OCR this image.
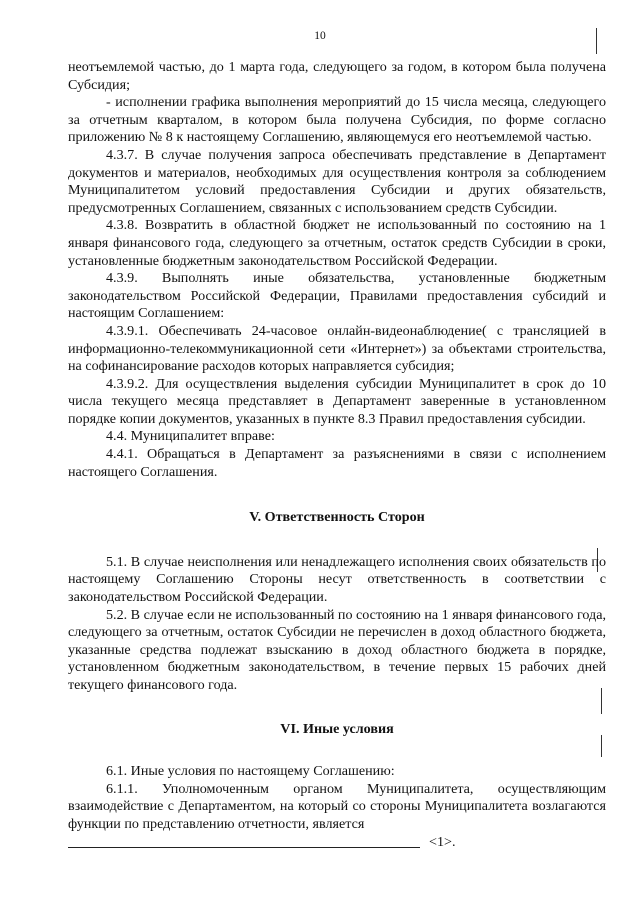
10

неотъемлемой частью, до 1 марта года, следующего за годом, в котором была получена Субсидия;

- исполнении графика выполнения мероприятий до 15 числа месяца, следующего за отчетным кварталом, в котором была получена Субсидия, по форме согласно приложению № 8 к настоящему Соглашению, являющемуся его неотъемлемой частью.

4.3.7. В случае получения запроса обеспечивать представление в Департамент документов и материалов, необходимых для осуществления контроля за соблюдением Муниципалитетом условий предоставления Субсидии и других обязательств, предусмотренных Соглашением, связанных с использованием средств Субсидии.

4.3.8. Возвратить в областной бюджет не использованный по состоянию на 1 января финансового года, следующего за отчетным, остаток средств Субсидии в сроки, установленные бюджетным законодательством Российской Федерации.

4.3.9. Выполнять иные обязательства, установленные бюджетным законодательством Российской Федерации, Правилами предоставления субсидий и настоящим Соглашением:

4.3.9.1. Обеспечивать 24-часовое онлайн-видеонаблюдение( с трансляцией в информационно-телекоммуникационной сети «Интернет») за объектами строительства, на софинансирование расходов которых направляется субсидия;

4.3.9.2. Для осуществления выделения субсидии Муниципалитет в срок до 10 числа текущего месяца представляет в Департамент заверенные в установленном порядке копии документов, указанных в пункте 8.3 Правил предоставления субсидии.

4.4. Муниципалитет вправе:

4.4.1. Обращаться в Департамент за разъяснениями в связи с исполнением настоящего Соглашения.

V. Ответственность Сторон

5.1. В случае неисполнения или ненадлежащего исполнения своих обязательств по настоящему Соглашению Стороны несут ответственность в соответствии с законодательством Российской Федерации.

5.2. В случае если не использованный по состоянию на 1 января финансового года, следующего за отчетным, остаток Субсидии не перечислен в доход областного бюджета, указанные средства подлежат взысканию в доход областного бюджета в порядке, установленном бюджетным законодательством, в течение первых 15 рабочих дней текущего финансового года.

VI. Иные условия

6.1. Иные условия по настоящему Соглашению:

6.1.1. Уполномоченным органом Муниципалитета, осуществляющим взаимодействие с Департаментом, на который со стороны Муниципалитета возлагаются функции по представлению отчетности, является

<1>.
